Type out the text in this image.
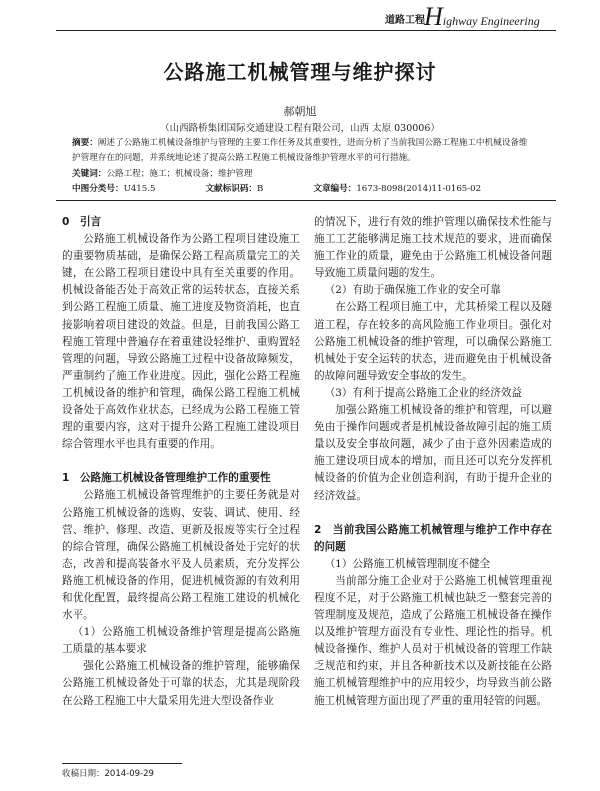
道路工程 Highway Engineering
公路施工机械管理与维护探讨
郝朝旭
（山西路桥集团国际交通建设工程有限公司，山西 太原 030006）
摘要：阐述了公路施工机械设备维护与管理的主要工作任务及其重要性，进而分析了当前我国公路工程施工中机械设备维护管理存在的问题，并系统地论述了提高公路工程施工机械设备维护管理水平的可行措施。
关键词：公路工程；施工；机械设备；维护管理
中图分类号：U415.5	文献标识码：B	文章编号：1673-8098(2014)11-0165-02
0　引言

公路施工机械设备作为公路工程项目建设施工的重要物质基础，是确保公路工程高质量完工的关键，在公路工程项目建设中具有至关重要的作用。机械设备能否处于高效正常的运转状态，直接关系到公路工程施工质量、施工进度及物资消耗，也直接影响着项目建设的效益。但是，目前我国公路工程施工管理中普遍存在着重建设轻维护、重购置轻管理的问题，导致公路施工过程中设备故障频发，严重制约了施工作业进度。因此，强化公路工程施工机械设备的维护和管理，确保公路工程施工机械设备处于高效作业状态，已经成为公路工程施工管理的重要内容，这对于提升公路工程施工建设项目综合管理水平也具有重要的作用。

1　公路施工机械设备管理维护工作的重要性

公路施工机械设备管理维护的主要任务就是对公路施工机械设备的选购、安装、调试、使用、经营、维护、修理、改造、更新及报废等实行全过程的综合管理，确保公路施工机械设备处于完好的状态，改善和提高装备水平及人员素质，充分发挥公路施工机械设备的作用，促进机械资源的有效利用和优化配置，最终提高公路工程施工建设的机械化水平。

（1）公路施工机械设备维护管理是提高公路施工质量的基本要求

强化公路施工机械设备的维护管理，能够确保公路施工机械设备处于可靠的状态，尤其是现阶段在公路工程施工中大量采用先进大型设备作业

的情况下，进行有效的维护管理以确保技术性能与施工工艺能够满足施工技术规范的要求，进而确保施工作业的质量，避免由于公路施工机械设备问题导致施工质量问题的发生。

（2）有助于确保施工作业的安全可靠

在公路工程项目施工中，尤其桥梁工程以及隧道工程，存在较多的高风险施工作业项目。强化对公路施工机械设备的维护管理，可以确保公路施工机械处于安全运转的状态，进而避免由于机械设备的故障问题导致安全事故的发生。

（3）有利于提高公路施工企业的经济效益

加强公路施工机械设备的维护和管理，可以避免由于操作问题或者是机械设备故障引起的施工质量以及安全事故问题，减少了由于意外因素造成的施工建设项目成本的增加，而且还可以充分发挥机械设备的价值为企业创造利润，有助于提升企业的经济效益。

2　当前我国公路施工机械管理与维护工作中存在的问题
（1）公路施工机械管理制度不健全

当前部分施工企业对于公路施工机械管理重视程度不足，对于公路施工机械也缺乏一整套完善的管理制度及规范，造成了公路施工机械设备在操作以及维护管理方面没有专业性、理论性的指导。机械设备操作、维护人员对于机械设备的管理工作缺乏规范和约束，并且各种新技术以及新技能在公路施工机械管理维护中的应用较少，均导致当前公路施工机械管理方面出现了严重的重用轻管的问题。

收稿日期：2014-09-29
